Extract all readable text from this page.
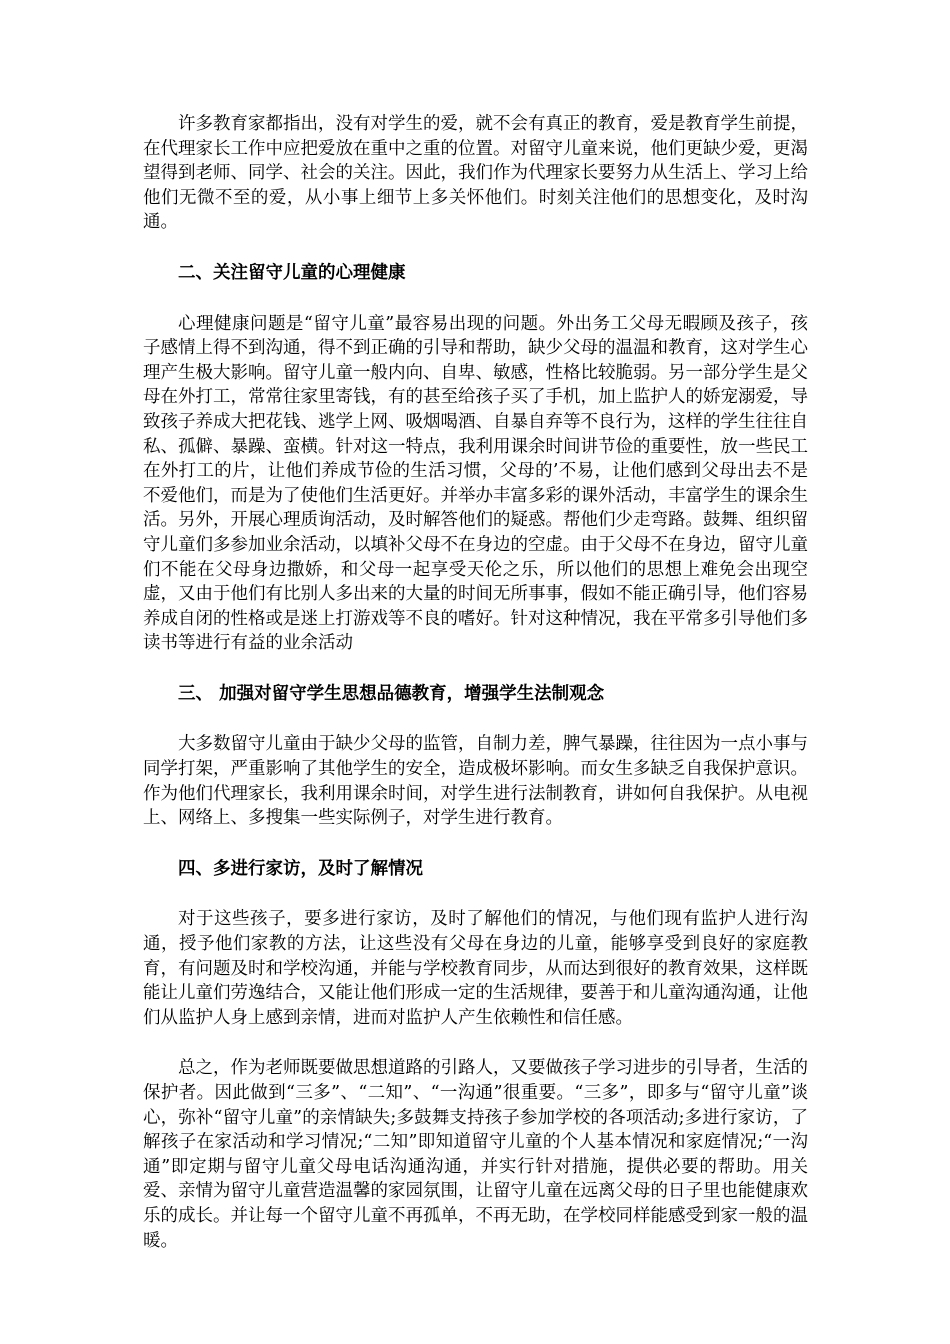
许多教育家都指出，没有对学生的爱，就不会有真正的教育，爱是教育学生前提，在代理家长工作中应把爱放在重中之重的位置。对留守儿童来说，他们更缺少爱，更渴望得到老师、同学、社会的关注。因此，我们作为代理家长要努力从生活上、学习上给他们无微不至的爱，从小事上细节上多关怀他们。时刻关注他们的思想变化，及时沟通。

二、关注留守儿童的心理健康

心理健康问题是“留守儿童”最容易出现的问题。外出务工父母无暇顾及孩子，孩子感情上得不到沟通，得不到正确的引导和帮助，缺少父母的温温和教育，这对学生心理产生极大影响。留守儿童一般内向、自卑、敏感，性格比较脆弱。另一部分学生是父母在外打工，常常往家里寄钱，有的甚至给孩子买了手机，加上监护人的娇宠溺爱，导致孩子养成大把花钱、逃学上网、吸烟喝酒、自暴自弃等不良行为，这样的学生往往自私、孤僻、暴躁、蛮横。针对这一特点，我利用课余时间讲节俭的重要性，放一些民工在外打工的片，让他们养成节俭的生活习惯，父母的’不易，让他们感到父母出去不是不爱他们，而是为了使他们生活更好。并举办丰富多彩的课外活动，丰富学生的课余生活。另外，开展心理质询活动，及时解答他们的疑惑。帮他们少走弯路。鼓舞、组织留守儿童们多参加业余活动，以填补父母不在身边的空虚。由于父母不在身边，留守儿童们不能在父母身边撒娇，和父母一起享受天伦之乐，所以他们的思想上难免会出现空虚，又由于他们有比别人多出来的大量的时间无所事事，假如不能正确引导，他们容易养成自闭的性格或是迷上打游戏等不良的嗜好。针对这种情况，我在平常多引导他们多读书等进行有益的业余活动

三、 加强对留守学生思想品德教育，增强学生法制观念

大多数留守儿童由于缺少父母的监管，自制力差，脾气暴躁，往往因为一点小事与同学打架，严重影响了其他学生的安全，造成极坏影响。而女生多缺乏自我保护意识。作为他们代理家长，我利用课余时间，对学生进行法制教育，讲如何自我保护。从电视上、网络上、多搜集一些实际例子，对学生进行教育。

四、多进行家访，及时了解情况

对于这些孩子，要多进行家访，及时了解他们的情况，与他们现有监护人进行沟通，授予他们家教的方法，让这些没有父母在身边的儿童，能够享受到良好的家庭教育，有问题及时和学校沟通，并能与学校教育同步，从而达到很好的教育效果，这样既能让儿童们劳逸结合，又能让他们形成一定的生活规律，要善于和儿童沟通沟通，让他们从监护人身上感到亲情，进而对监护人产生依赖性和信任感。

总之，作为老师既要做思想道路的引路人，又要做孩子学习进步的引导者，生活的保护者。因此做到“三多”、“二知”、“一沟通”很重要。“三多”，即多与“留守儿童”谈心，弥补“留守儿童”的亲情缺失;多鼓舞支持孩子参加学校的各项活动;多进行家访，了解孩子在家活动和学习情况;“二知”即知道留守儿童的个人基本情况和家庭情况;“一沟通”即定期与留守儿童父母电话沟通沟通，并实行针对措施，提供必要的帮助。用关爱、亲情为留守儿童营造温馨的家园氛围，让留守儿童在远离父母的日子里也能健康欢乐的成长。并让每一个留守儿童不再孤单，不再无助，在学校同样能感受到家一般的温暖。
